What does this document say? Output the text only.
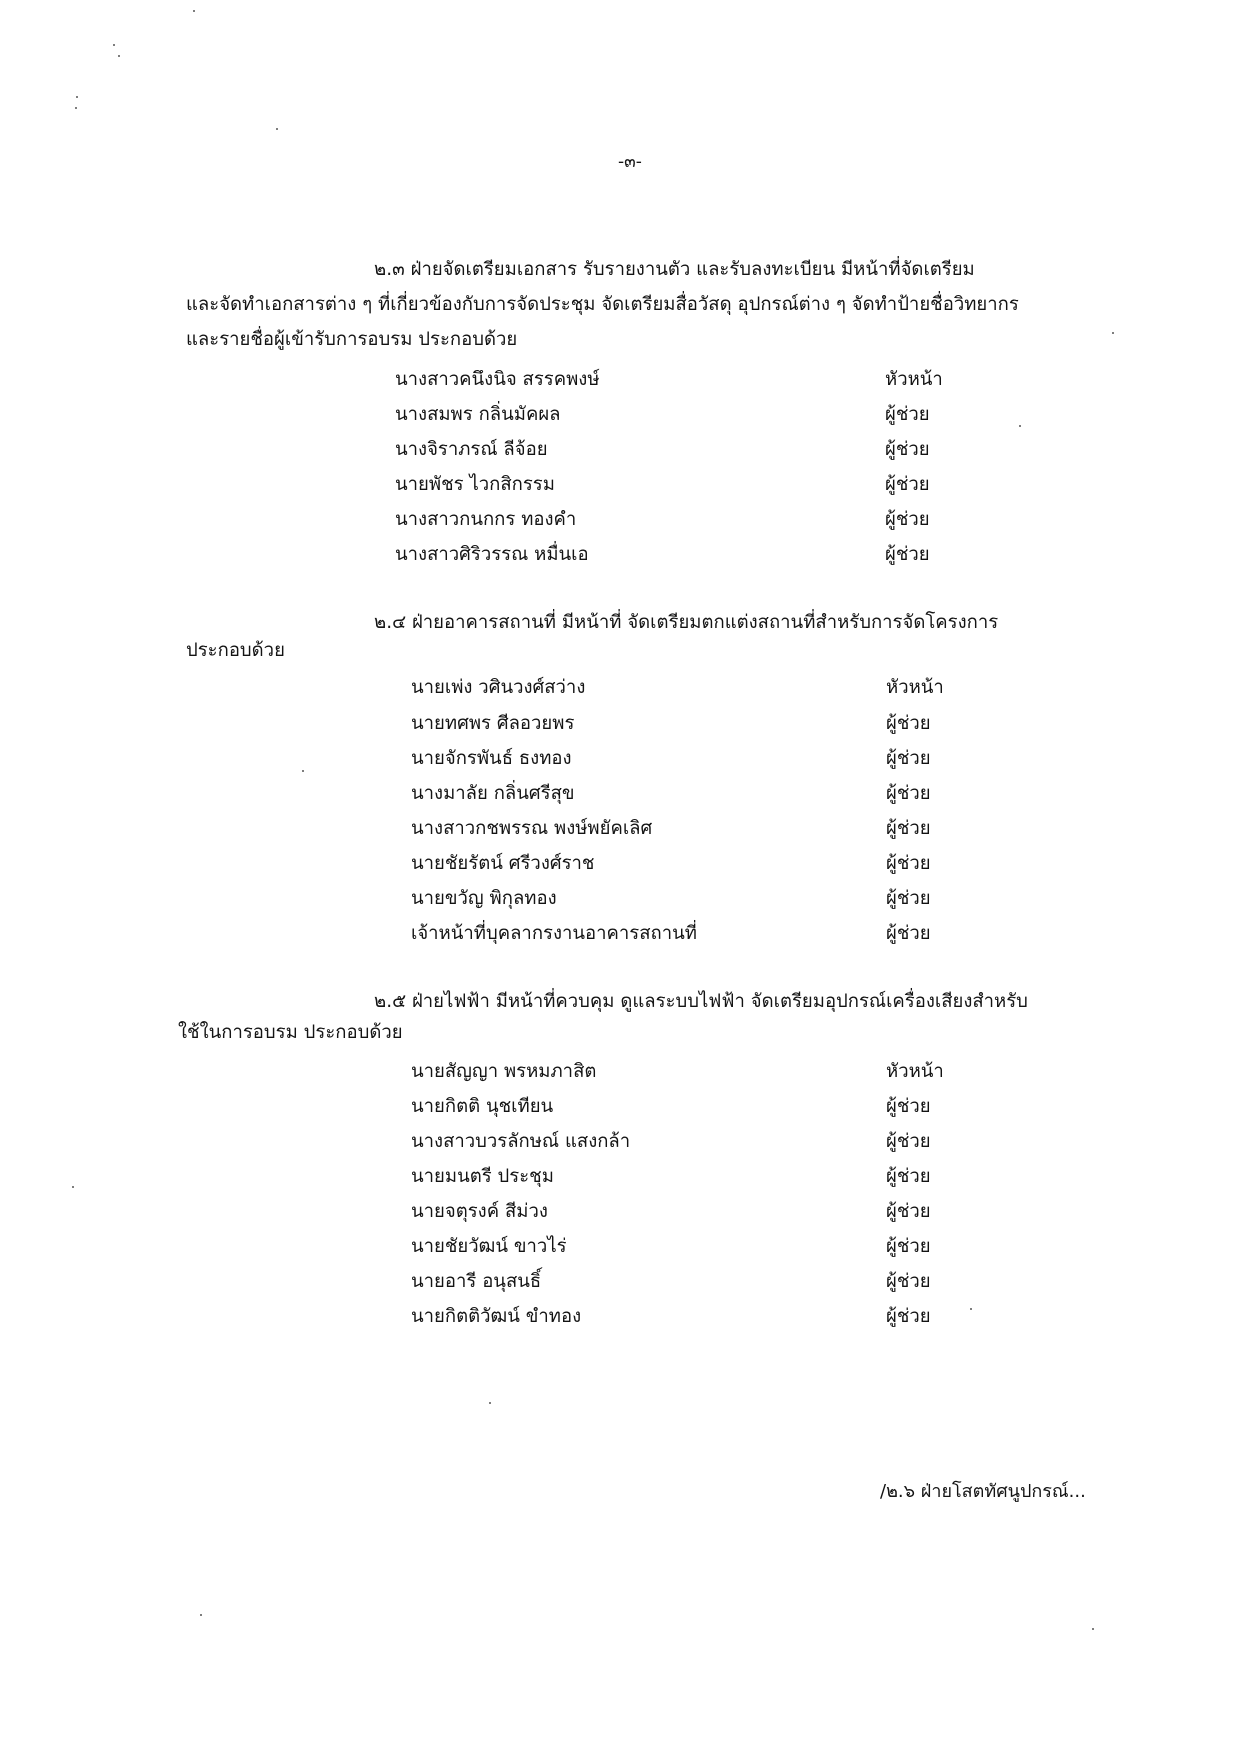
-๓-
๒.๓ ฝ่ายจัดเตรียมเอกสาร รับรายงานตัว และรับลงทะเบียน มีหน้าที่จัดเตรียม
และจัดทำเอกสารต่าง ๆ ที่เกี่ยวข้องกับการจัดประชุม จัดเตรียมสื่อวัสดุ อุปกรณ์ต่าง ๆ จัดทำป้ายชื่อวิทยากร
และรายชื่อผู้เข้ารับการอบรม ประกอบด้วย
นางสาวคนึงนิจ สรรคพงษ์	หัวหน้า
นางสมพร กลิ่นมัคผล	ผู้ช่วย
นางจิราภรณ์ ลีจ้อย	ผู้ช่วย
นายพัชร ไวกสิกรรม	ผู้ช่วย
นางสาวกนกกร ทองคำ	ผู้ช่วย
นางสาวศิริวรรณ หมื่นเอ	ผู้ช่วย
๒.๔ ฝ่ายอาคารสถานที่ มีหน้าที่ จัดเตรียมตกแต่งสถานที่สำหรับการจัดโครงการ
ประกอบด้วย
นายเพ่ง วศินวงศ์สว่าง	หัวหน้า
นายทศพร ศีลอวยพร	ผู้ช่วย
นายจักรพันธ์ ธงทอง	ผู้ช่วย
นางมาลัย กลิ่นศรีสุข	ผู้ช่วย
นางสาวกชพรรณ พงษ์พยัคเลิศ	ผู้ช่วย
นายชัยรัตน์ ศรีวงศ์ราช	ผู้ช่วย
นายขวัญ พิกุลทอง	ผู้ช่วย
เจ้าหน้าที่บุคลากรงานอาคารสถานที่	ผู้ช่วย
๒.๕ ฝ่ายไฟฟ้า มีหน้าที่ควบคุม ดูแลระบบไฟฟ้า จัดเตรียมอุปกรณ์เครื่องเสียงสำหรับ
ใช้ในการอบรม ประกอบด้วย
นายสัญญา พรหมภาสิต	หัวหน้า
นายกิตติ นุชเทียน	ผู้ช่วย
นางสาวบวรลักษณ์ แสงกล้า	ผู้ช่วย
นายมนตรี ประชุม	ผู้ช่วย
นายจตุรงค์ สีม่วง	ผู้ช่วย
นายชัยวัฒน์ ขาวไร่	ผู้ช่วย
นายอารี อนุสนธิ์	ผู้ช่วย
นายกิตติวัฒน์ ขำทอง	ผู้ช่วย
/๒.๖ ฝ่ายโสตทัศนูปกรณ์...
